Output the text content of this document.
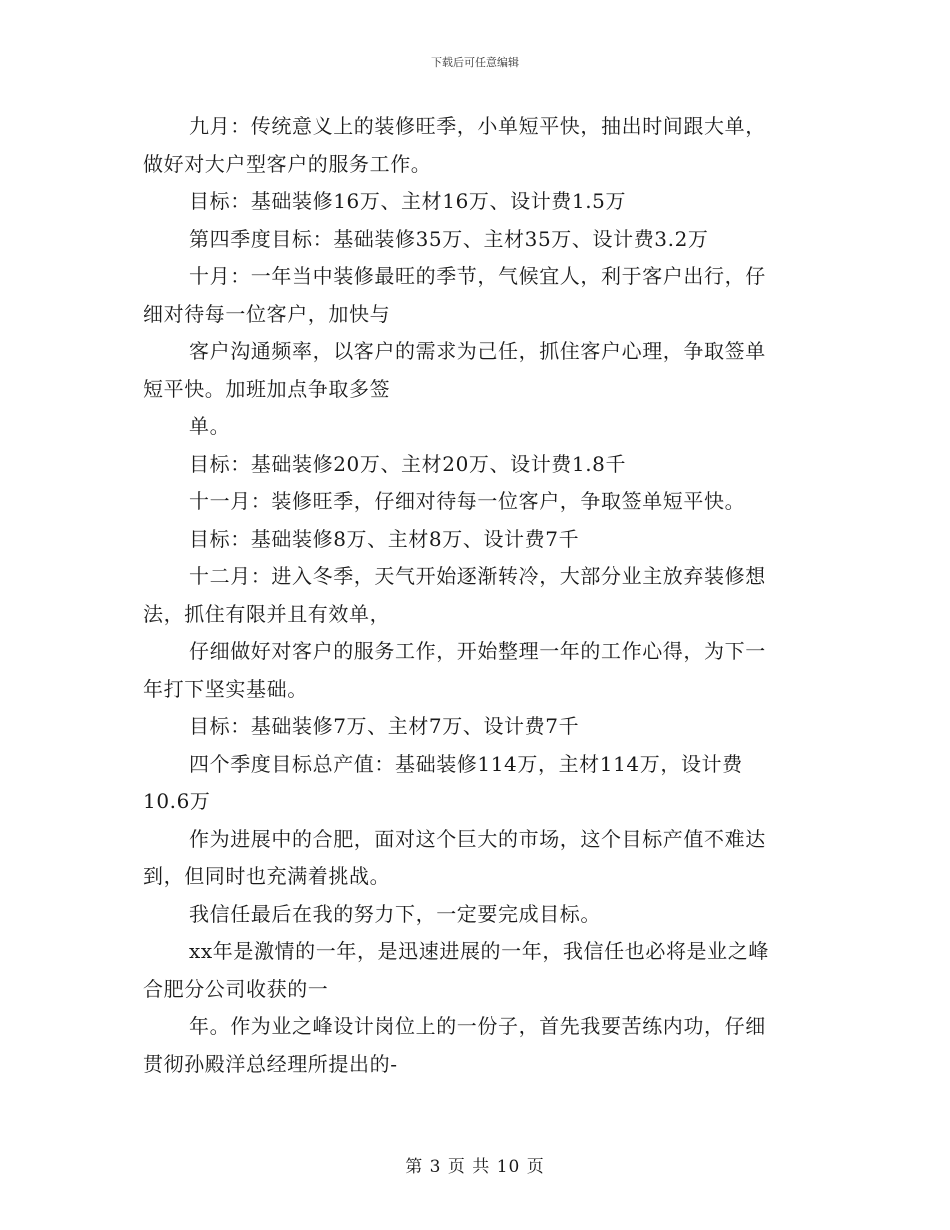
下载后可任意编辑
九月：传统意义上的装修旺季，小单短平快，抽出时间跟大单，
做好对大户型客户的服务工作。
目标：基础装修16万、主材16万、设计费1.5万
第四季度目标：基础装修35万、主材35万、设计费3.2万
十月：一年当中装修最旺的季节，气候宜人，利于客户出行，仔
细对待每一位客户，加快与
客户沟通频率，以客户的需求为己任，抓住客户心理，争取签单
短平快。加班加点争取多签
单。
目标：基础装修20万、主材20万、设计费1.8千
十一月：装修旺季，仔细对待每一位客户，争取签单短平快。
目标：基础装修8万、主材8万、设计费7千
十二月：进入冬季，天气开始逐渐转冷，大部分业主放弃装修想
法，抓住有限并且有效单，
仔细做好对客户的服务工作，开始整理一年的工作心得，为下一
年打下坚实基础。
目标：基础装修7万、主材7万、设计费7千
四个季度目标总产值：基础装修114万，主材114万，设计费
10.6万
作为进展中的合肥，面对这个巨大的市场，这个目标产值不难达
到，但同时也充满着挑战。
我信任最后在我的努力下，一定要完成目标。
xx年是激情的一年，是迅速进展的一年，我信任也必将是业之峰
合肥分公司收获的一
年。作为业之峰设计岗位上的一份子，首先我要苦练内功，仔细
贯彻孙殿洋总经理所提出的-
第 3 页 共 10 页
